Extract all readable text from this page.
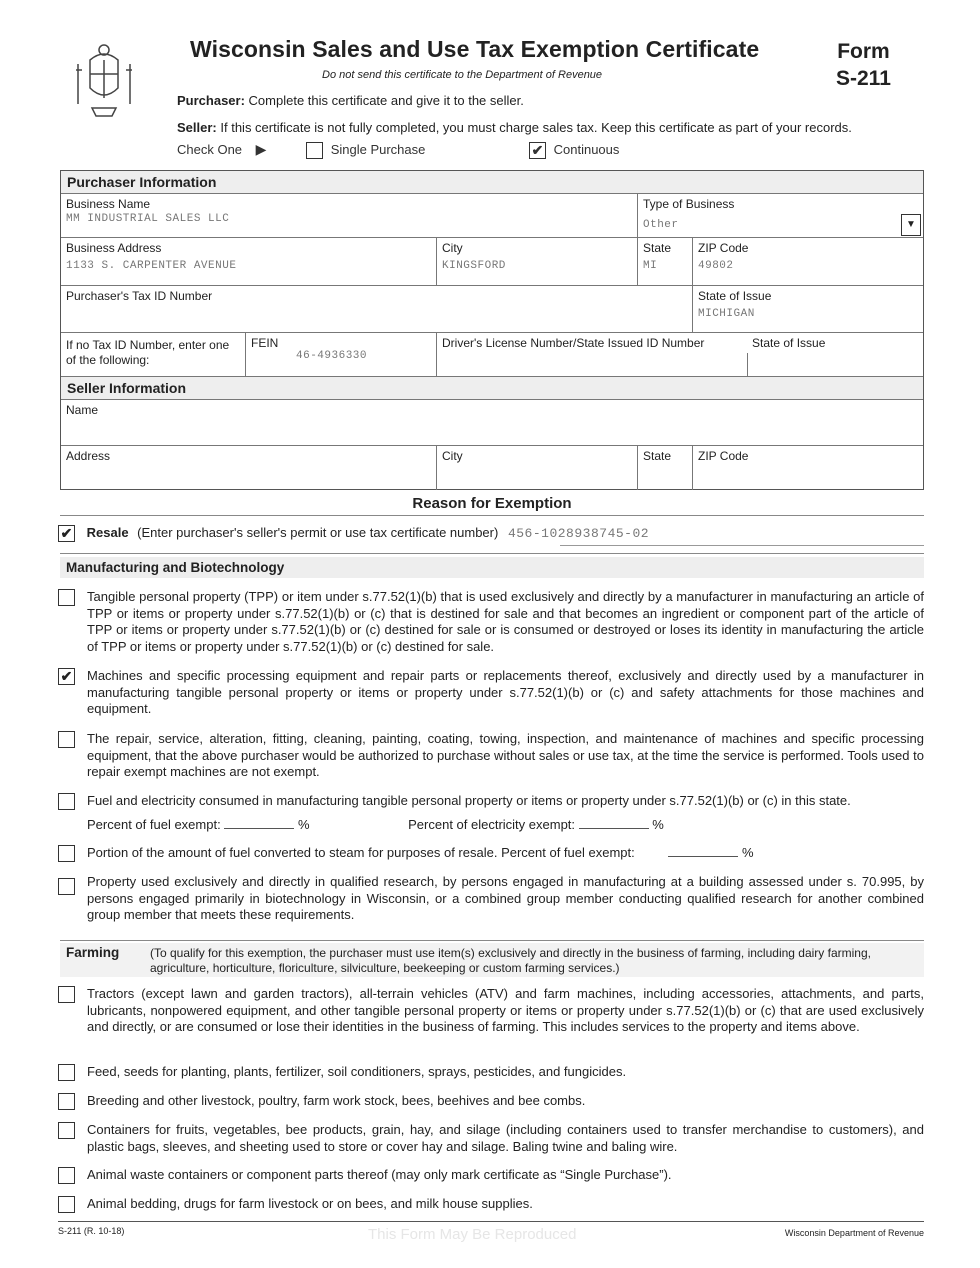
Wisconsin Sales and Use Tax Exemption Certificate	Form
S-211
Do not send this certificate to the Department of Revenue
Purchaser: Complete this certificate and give it to the seller.
Seller: If this certificate is not fully completed, you must charge sales tax. Keep this certificate as part of your records.
Check One ▶	Single Purchase	✔ Continuous
Purchaser Information
Business Name
MM INDUSTRIAL SALES LLC
Type of Business
Other	▼
Business Address
1133 S. CARPENTER AVENUE
City
KINGSFORD
State
MI
ZIP Code
49802
Purchaser's Tax ID Number	State of Issue
MICHIGAN
If no Tax ID Number, enter one of the following:
FEIN
46-4936330
Driver's License Number/State Issued ID Number	State of Issue
Seller Information
Name
Address	City	State	ZIP Code
Reason for Exemption
✔ Resale (Enter purchaser's seller's permit or use tax certificate number) 456-1028938745-02
Manufacturing and Biotechnology
Tangible personal property (TPP) or item under s.77.52(1)(b) that is used exclusively and directly by a manufacturer in manufacturing an article of TPP or items or property under s.77.52(1)(b) or (c) that is destined for sale and that becomes an ingredient or component part of the article of TPP or items or property under s.77.52(1)(b) or (c) destined for sale or is consumed or destroyed or loses its identity in manufacturing the article of TPP or items or property under s.77.52(1)(b) or (c) destined for sale.
✔ Machines and specific processing equipment and repair parts or replacements thereof, exclusively and directly used by a manufacturer in manufacturing tangible personal property or items or property under s.77.52(1)(b) or (c) and safety attachments for those machines and equipment.
The repair, service, alteration, fitting, cleaning, painting, coating, towing, inspection, and maintenance of machines and specific processing equipment, that the above purchaser would be authorized to purchase without sales or use tax, at the time the service is performed. Tools used to repair exempt machines are not exempt.
Fuel and electricity consumed in manufacturing tangible personal property or items or property under s.77.52(1)(b) or (c) in this state.
Percent of fuel exempt:	%	Percent of electricity exempt:	%
Portion of the amount of fuel converted to steam for purposes of resale. Percent of fuel exempt:	%
Property used exclusively and directly in qualified research, by persons engaged in manufacturing at a building assessed under s. 70.995, by persons engaged primarily in biotechnology in Wisconsin, or a combined group member conducting qualified research for another combined group member that meets these requirements.
Farming	(To qualify for this exemption, the purchaser must use item(s) exclusively and directly in the business of farming, including dairy farming, agriculture, horticulture, floriculture, silviculture, beekeeping or custom farming services.)
Tractors (except lawn and garden tractors), all-terrain vehicles (ATV) and farm machines, including accessories, attachments, and parts, lubricants, nonpowered equipment, and other tangible personal property or items or property under s.77.52(1)(b) or (c) that are used exclusively and directly, or are consumed or lose their identities in the business of farming. This includes services to the property and items above.
Feed, seeds for planting, plants, fertilizer, soil conditioners, sprays, pesticides, and fungicides.
Breeding and other livestock, poultry, farm work stock, bees, beehives and bee combs.
Containers for fruits, vegetables, bee products, grain, hay, and silage (including containers used to transfer merchandise to customers), and plastic bags, sleeves, and sheeting used to store or cover hay and silage. Baling twine and baling wire.
Animal waste containers or component parts thereof (may only mark certificate as “Single Purchase”).
Animal bedding, drugs for farm livestock or on bees, and milk house supplies.
S-211 (R. 10-18)	This Form May Be Reproduced	Wisconsin Department of Revenue
